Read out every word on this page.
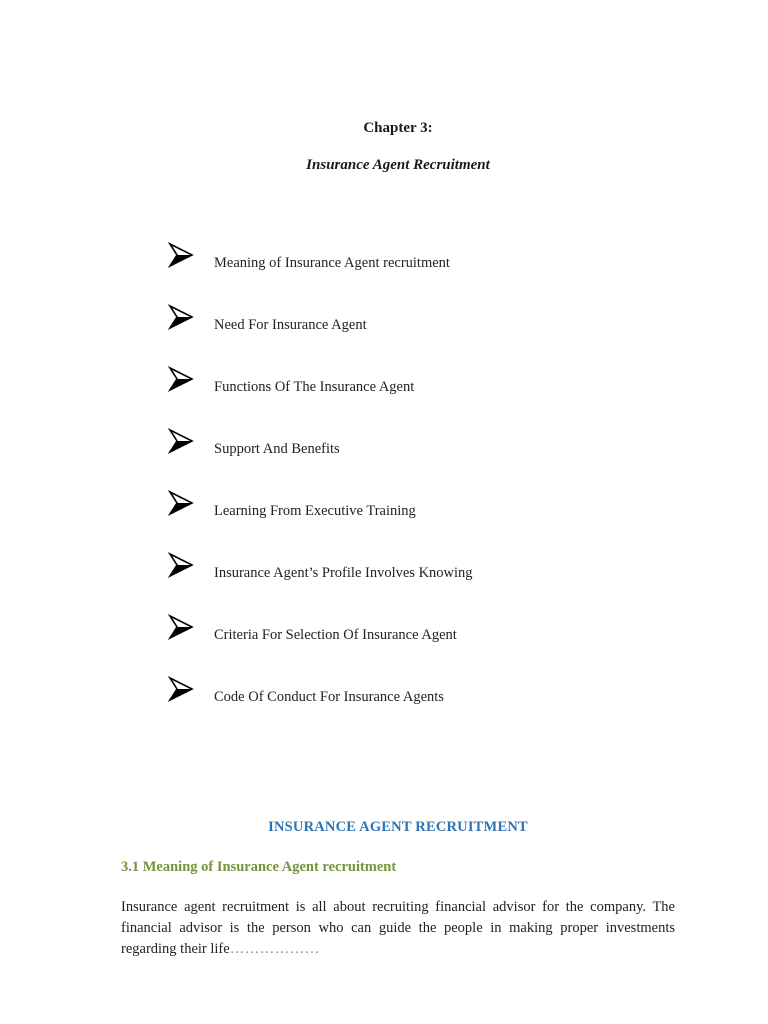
Chapter 3:
Insurance Agent Recruitment
Meaning of Insurance Agent recruitment
Need For Insurance Agent
Functions Of The Insurance Agent
Support And Benefits
Learning From Executive Training
Insurance Agent’s Profile Involves Knowing
Criteria For Selection Of Insurance Agent
Code Of Conduct For Insurance Agents
INSURANCE AGENT RECRUITMENT
3.1 Meaning of Insurance Agent recruitment

Insurance agent recruitment is all about recruiting financial advisor for the company. The financial advisor is the person who can guide the people in making proper investments regarding their life………………
